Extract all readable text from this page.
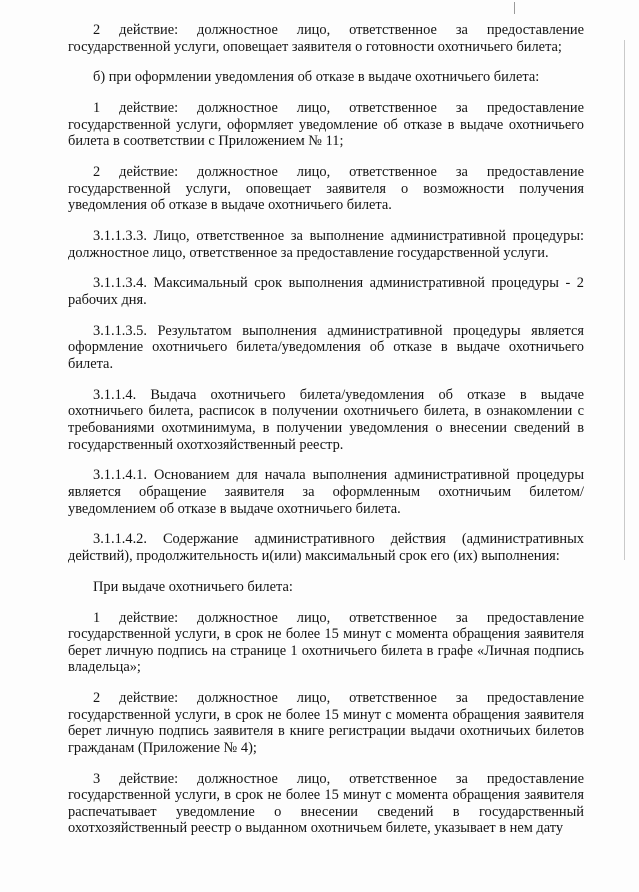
2 действие: должностное лицо, ответственное за предоставление государственной услуги, оповещает заявителя о готовности охотничьего билета;

б) при оформлении уведомления об отказе в выдаче охотничьего билета:

1 действие: должностное лицо, ответственное за предоставление государственной услуги, оформляет уведомление об отказе в выдаче охотничьего билета в соответствии с Приложением № 11;

2 действие: должностное лицо, ответственное за предоставление государственной услуги, оповещает заявителя о возможности получения уведомления об отказе в выдаче охотничьего билета.

3.1.1.3.3. Лицо, ответственное за выполнение административной процедуры: должностное лицо, ответственное за предоставление государственной услуги.

3.1.1.3.4. Максимальный срок выполнения административной процедуры - 2 рабочих дня.

3.1.1.3.5. Результатом выполнения административной процедуры является оформление охотничьего билета/уведомления об отказе в выдаче охотничьего билета.

3.1.1.4. Выдача охотничьего билета/уведомления об отказе в выдаче охотничьего билета, расписок в получении охотничьего билета, в ознакомлении с требованиями охотминимума, в получении уведомления о внесении сведений в государственный охотхозяйственный реестр.

3.1.1.4.1. Основанием для начала выполнения административной процедуры является обращение заявителя за оформленным охотничьим билетом/уведомлением об отказе в выдаче охотничьего билета.

3.1.1.4.2. Содержание административного действия (административных действий), продолжительность и(или) максимальный срок его (их) выполнения:

При выдаче охотничьего билета:

1 действие: должностное лицо, ответственное за предоставление государственной услуги, в срок не более 15 минут с момента обращения заявителя берет личную подпись на странице 1 охотничьего билета в графе «Личная подпись владельца»;

2 действие: должностное лицо, ответственное за предоставление государственной услуги, в срок не более 15 минут с момента обращения заявителя берет личную подпись заявителя в книге регистрации выдачи охотничьих билетов гражданам (Приложение № 4);

3 действие: должностное лицо, ответственное за предоставление государственной услуги, в срок не более 15 минут с момента обращения заявителя распечатывает уведомление о внесении сведений в государственный охотхозяйственный реестр о выданном охотничьем билете, указывает в нем дату
